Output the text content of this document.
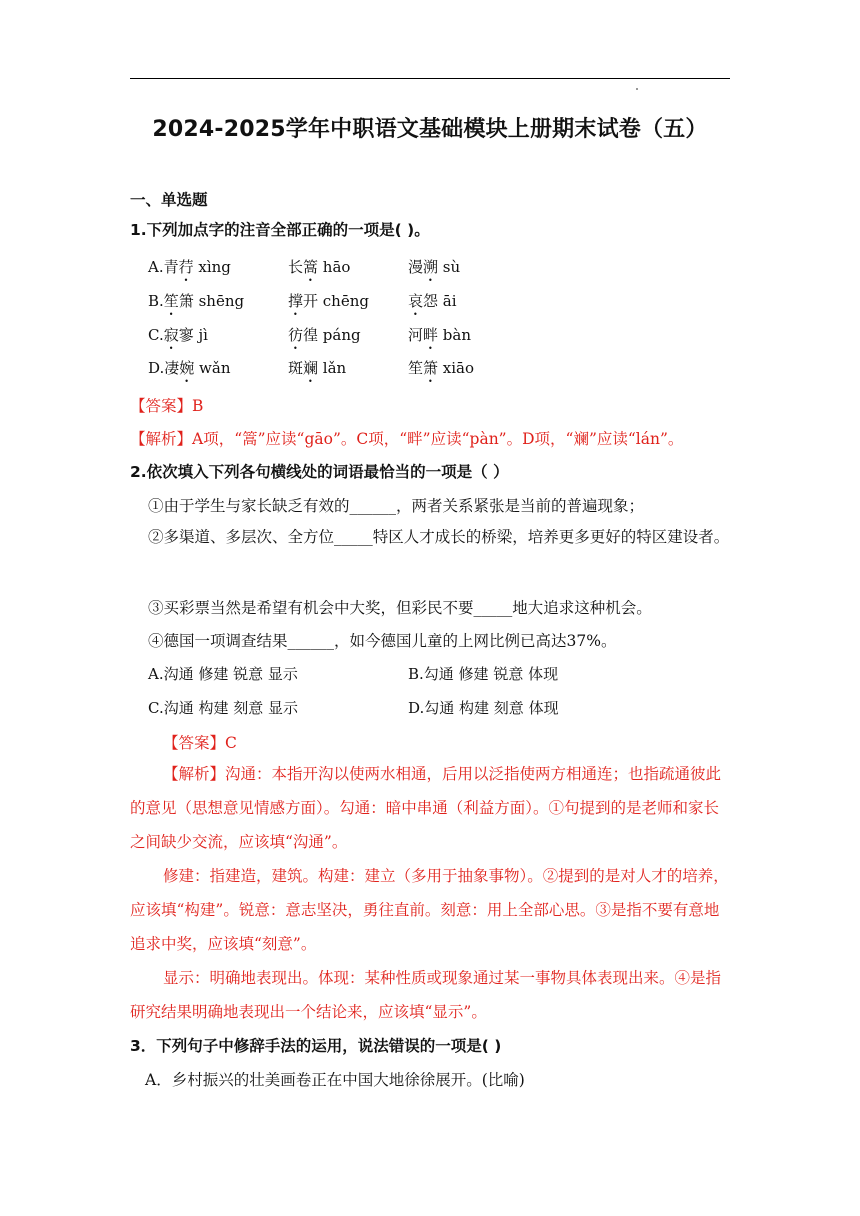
2024-2025学年中职语文基础模块上册期末试卷（五）
一、单选题
1.下列加点字的注音全部正确的一项是( )。
A.青荇 xìng	长篙 hāo	漫溯 sù
B.笙箫 shēng	撑开 chēng	哀怨 āi
C.寂寥 jì	彷徨 páng	河畔 bàn
D.凄婉 wǎn	斑斓 lǎn	笙箫 xiāo
【答案】B
【解析】A项，“篙”应读“gāo”。C项，“畔”应读“pàn”。D项，“斓”应读“lán”。
2.依次填入下列各句横线处的词语最恰当的一项是（ ）
①由于学生与家长缺乏有效的______，两者关系紧张是当前的普遍现象；
②多渠道、多层次、全方位_____特区人才成长的桥梁，培养更多更好的特区建设者。
③买彩票当然是希望有机会中大奖，但彩民不要_____地大追求这种机会。
④德国一项调查结果______，如今德国儿童的上网比例已高达37%。
A.沟通 修建 锐意 显示	B.勾通 修建 锐意 体现
C.沟通 构建 刻意 显示	D.勾通 构建 刻意 体现
【答案】C
【解析】沟通：本指开沟以使两水相通，后用以泛指使两方相通连；也指疏通彼此的意见（思想意见情感方面）。勾通：暗中串通（利益方面）。①句提到的是老师和家长之间缺少交流，应该填“沟通”。
修建：指建造，建筑。构建：建立（多用于抽象事物）。②提到的是对人才的培养，应该填“构建”。锐意：意志坚决，勇往直前。刻意：用上全部心思。③是指不要有意地追求中奖，应该填“刻意”。
显示：明确地表现出。体现：某种性质或现象通过某一事物具体表现出来。④是指研究结果明确地表现出一个结论来，应该填“显示”。
3．下列句子中修辞手法的运用，说法错误的一项是( )
A．乡村振兴的壮美画卷正在中国大地徐徐展开。(比喻)
